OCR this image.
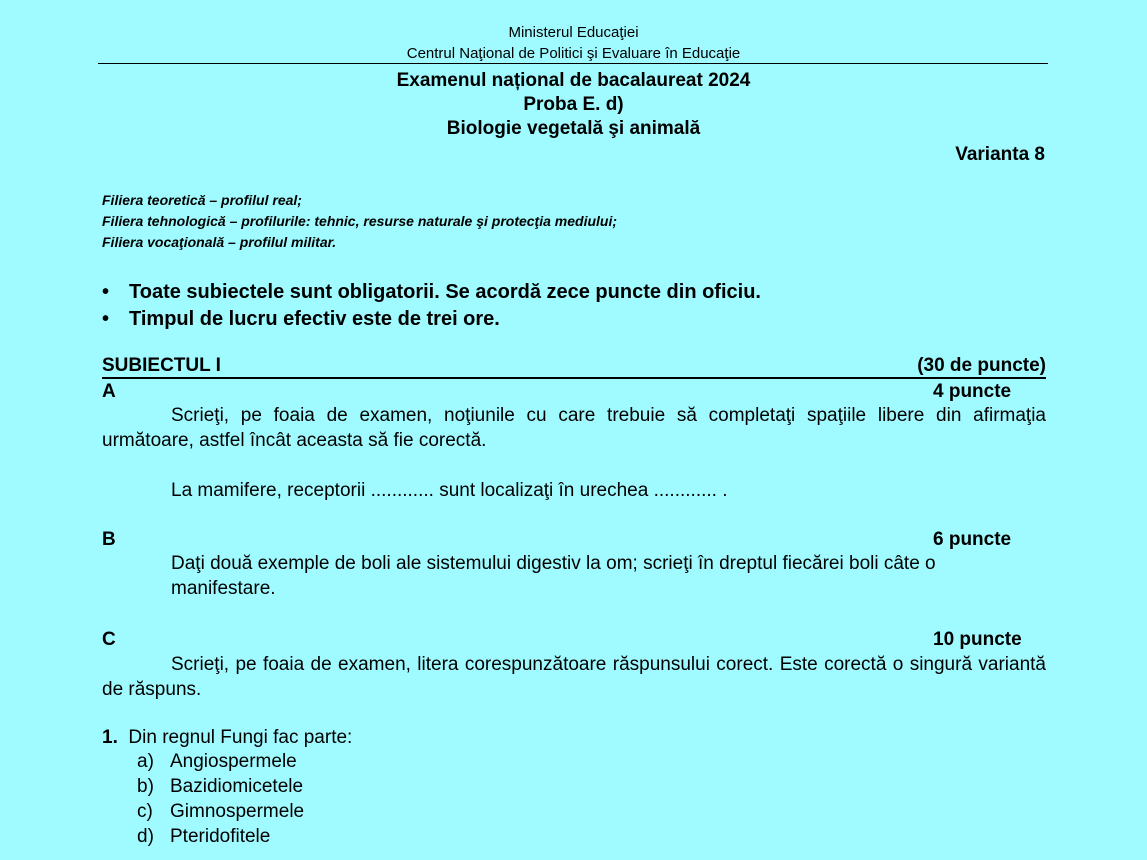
Ministerul Educaţiei
Centrul Naţional de Politici şi Evaluare în Educaţie
Examenul național de bacalaureat 2024
Proba E. d)
Biologie vegetală şi animală
Varianta 8
Filiera teoretică – profilul real;
Filiera tehnologică – profilurile: tehnic, resurse naturale şi protecţia mediului;
Filiera vocaţională – profilul militar.
• Toate subiectele sunt obligatorii. Se acordă zece puncte din oficiu.
• Timpul de lucru efectiv este de trei ore.
SUBIECTUL I	(30 de puncte)
A	4 puncte
Scrieţi, pe foaia de examen, noţiunile cu care trebuie să completaţi spaţiile libere din afirmaţia următoare, astfel încât aceasta să fie corectă.
La mamifere, receptorii ............ sunt localizaţi în urechea ............ .
B	6 puncte
Daţi două exemple de boli ale sistemului digestiv la om; scrieţi în dreptul fiecărei boli câte o
manifestare.
C	10 puncte
Scrieţi, pe foaia de examen, litera corespunzătoare răspunsului corect. Este corectă o singură variantă de răspuns.
1. Din regnul Fungi fac parte:
a) Angiospermele
b) Bazidiomicetele
c) Gimnospermele
d) Pteridofitele
